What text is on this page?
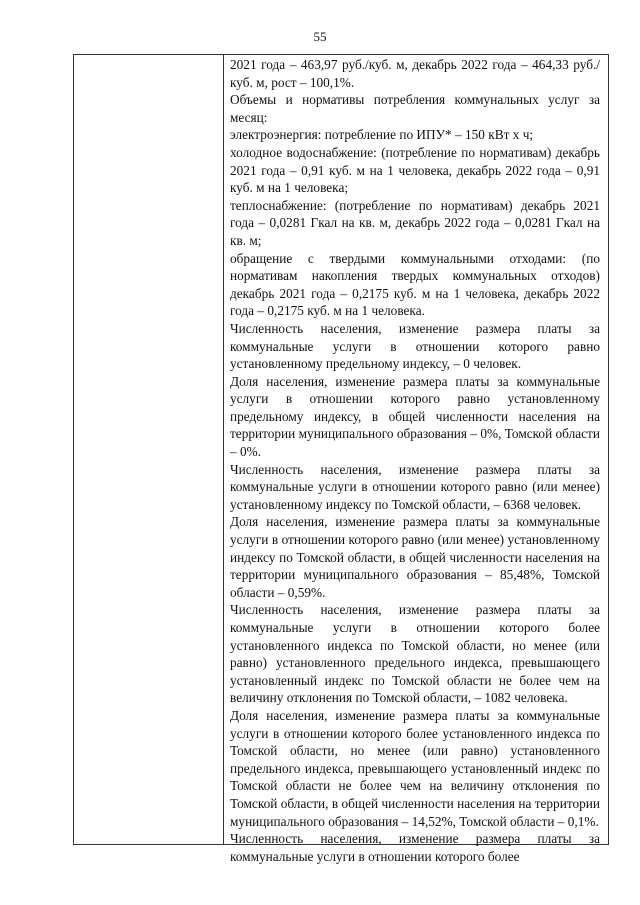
55

2021 года – 463,97 руб./куб. м, декабрь 2022 года – 464,33 руб./куб. м, рост – 100,1%.

Объемы и нормативы потребления коммунальных услуг за месяц:

электроэнергия: потребление по ИПУ* – 150 кВт х ч;

холодное водоснабжение: (потребление по нормативам) декабрь 2021 года – 0,91 куб. м на 1 человека, декабрь 2022 года – 0,91 куб. м на 1 человека;

теплоснабжение: (потребление по нормативам) декабрь 2021 года – 0,0281 Гкал на кв. м, декабрь 2022 года – 0,0281 Гкал на кв. м;

обращение с твердыми коммунальными отходами: (по нормативам накопления твердых коммунальных отходов) декабрь 2021 года – 0,2175 куб. м на 1 человека, декабрь 2022 года – 0,2175 куб. м на 1 человека.

Численность населения, изменение размера платы за коммунальные услуги в отношении которого равно установленному предельному индексу, – 0 человек.

Доля населения, изменение размера платы за коммунальные услуги в отношении которого равно установленному предельному индексу, в общей численности населения на территории муниципального образования – 0%, Томской области – 0%.

Численность населения, изменение размера платы за коммунальные услуги в отношении которого равно (или менее) установленному индексу по Томской области, – 6368 человек.

Доля населения, изменение размера платы за коммунальные услуги в отношении которого равно (или менее) установленному индексу по Томской области, в общей численности населения на территории муниципального образования – 85,48%, Томской области – 0,59%.

Численность населения, изменение размера платы за коммунальные услуги в отношении которого более установленного индекса по Томской области, но менее (или равно) установленного предельного индекса, превышающего установленный индекс по Томской области не более чем на величину отклонения по Томской области, – 1082 человека.

Доля населения, изменение размера платы за коммунальные услуги в отношении которого более установленного индекса по Томской области, но менее (или равно) установленного предельного индекса, превышающего установленный индекс по Томской области не более чем на величину отклонения по Томской области, в общей численности населения на территории муниципального образования – 14,52%, Томской области – 0,1%.

Численность населения, изменение размера платы за коммунальные услуги в отношении которого более
